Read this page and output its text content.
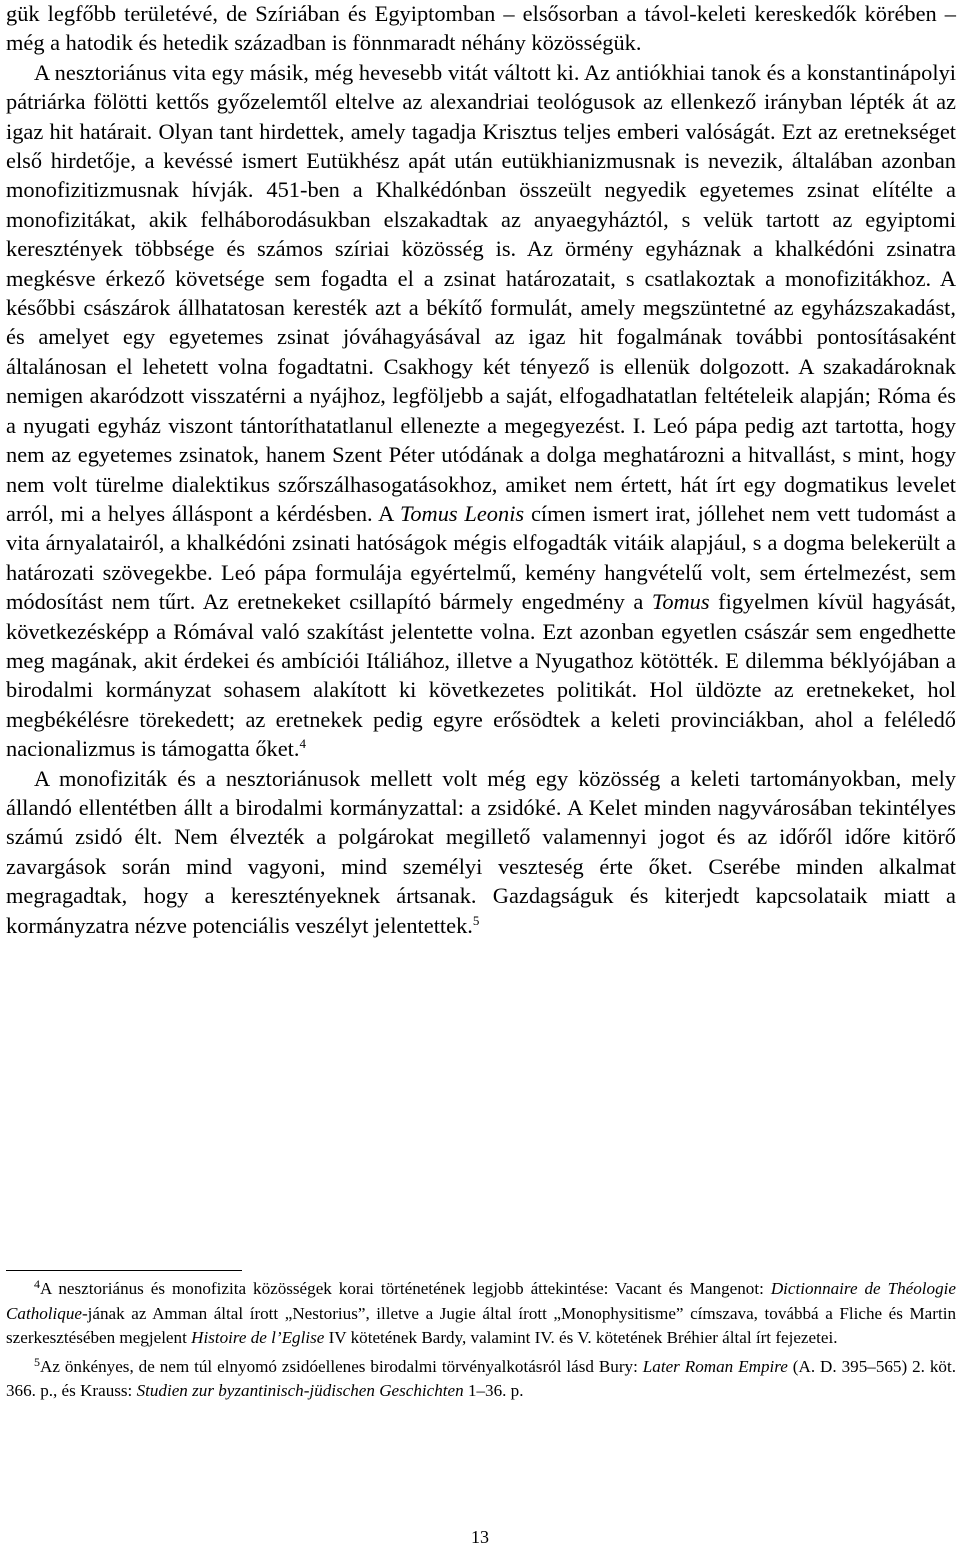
gük legfőbb területévé, de Szíriában és Egyiptomban – elsősorban a távol-keleti kereskedők körében – még a hatodik és hetedik században is fönnmaradt néhány közösségük.

A nesztoriánus vita egy másik, még hevesebb vitát váltott ki. Az antiókhiai tanok és a konstantinápolyi pátriárka fölötti kettős győzelemtől eltelve az alexandriai teológusok az ellenkező irányban lépték át az igaz hit határait. Olyan tant hirdettek, amely tagadja Krisztus teljes emberi valóságát. Ezt az eretnekséget első hirdetője, a kevéssé ismert Eutükhész apát után eutükhianizmusnak is nevezik, általában azonban monofizitizmusnak hívják. 451-ben a Khalkédónban összeült negyedik egyetemes zsinat elítélte a monofizitákat, akik felháborodásukban elszakadtak az anyaegyháztól, s velük tartott az egyiptomi keresztények többsége és számos szíriai közösség is. Az örmény egyháznak a khalkédóni zsinatra megkésve érkező követsége sem fogadta el a zsinat határozatait, s csatlakoztak a monofizitákhoz. A későbbi császárok állhatatosan keresték azt a békítő formulát, amely megszüntetné az egyházszakadást, és amelyet egy egyetemes zsinat jóváhagyásával az igaz hit fogalmának további pontosításaként általánosan el lehetett volna fogadtatni. Csakhogy két tényező is ellenük dolgozott. A szakadároknak nemigen akaródzott visszatérni a nyájhoz, legföljebb a saját, elfogadhatatlan feltételeik alapján; Róma és a nyugati egyház viszont tántoríthatatlanul ellenezte a megegyezést. I. Leó pápa pedig azt tartotta, hogy nem az egyetemes zsinatok, hanem Szent Péter utódának a dolga meghatározni a hitvallást, s mint, hogy nem volt türelme dialektikus szőrszálhasogatásokhoz, amiket nem értett, hát írt egy dogmatikus levelet arról, mi a helyes álláspont a kérdésben. A Tomus Leonis címen ismert irat, jóllehet nem vett tudomást a vita árnyalatairól, a khalkédóni zsinati hatóságok mégis elfogadták vitáik alapjául, s a dogma belekerült a határozati szövegekbe. Leó pápa formulája egyértelmű, kemény hangvételű volt, sem értelmezést, sem módosítást nem tűrt. Az eretnekeket csillapító bármely engedmény a Tomus figyelmen kívül hagyását, következésképp a Rómával való szakítást jelentette volna. Ezt azonban egyetlen császár sem engedhette meg magának, akit érdekei és ambíciói Itáliához, illetve a Nyugathoz kötötték. E dilemma béklyójában a birodalmi kormányzat sohasem alakított ki következetes politikát. Hol üldözte az eretnekeket, hol megbékélésre törekedett; az eretnekek pedig egyre erősödtek a keleti provinciákban, ahol a feléledő nacionalizmus is támogatta őket.$^4$

A monofiziták és a nesztoriánusok mellett volt még egy közösség a keleti tartományokban, mely állandó ellentétben állt a birodalmi kormányzattal: a zsidóké. A Kelet minden nagyvárosában tekintélyes számú zsidó élt. Nem élvezték a polgárokat megillető valamennyi jogot és az időről időre kitörő zavargások során mind vagyoni, mind személyi veszteség érte őket. Cserébe minden alkalmat megragadtak, hogy a keresztényeknek ártsanak. Gazdagságuk és kiterjedt kapcsolataik miatt a kormányzatra nézve potenciális veszélyt jelentettek.$^5$

$^4$A nesztoriánus és monofizita közösségek korai történetének legjobb áttekintése: Vacant és Mangenot: Dictionnaire de Théologie Catholique-jának az Amman által írott „Nestorius”, illetve a Jugie által írott „Monophysitisme” címszava, továbbá a Fliche és Martin szerkesztésében megjelent Histoire de l’Eglise IV kötetének Bardy, valamint IV. és V. kötetének Bréhier által írt fejezetei.

$^5$Az önkényes, de nem túl elnyomó zsidóellenes birodalmi törvényalkotásról lásd Bury: Later Roman Empire (A. D. 395–565) 2. köt. 366. p., és Krauss: Studien zur byzantinisch-jüdischen Geschichten 1–36. p.

13
